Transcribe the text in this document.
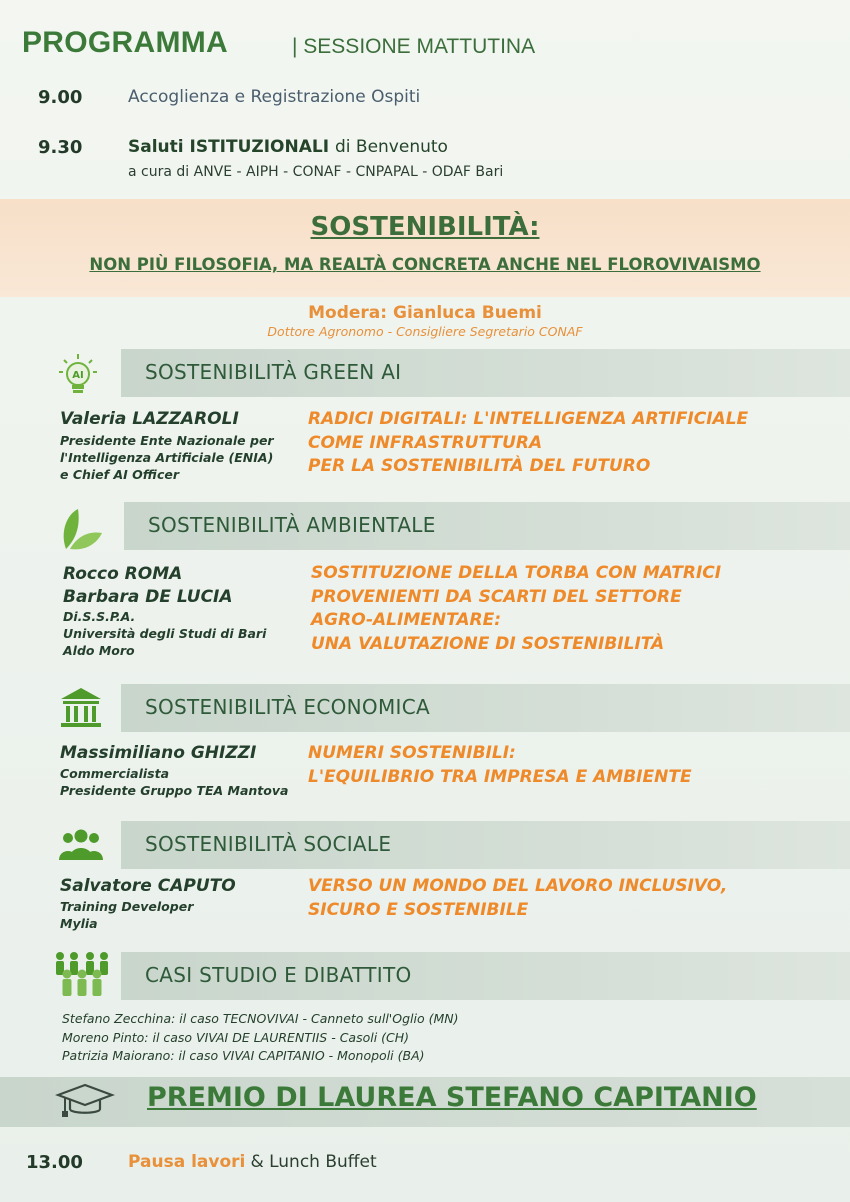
PROGRAMMA	| SESSIONE MATTUTINA
9.00	Accoglienza e Registrazione Ospiti
9.30	Saluti ISTITUZIONALI di Benvenuto
a cura di ANVE - AIPH - CONAF - CNPAPAL - ODAF Bari
SOSTENIBILITÀ:
NON PIÙ FILOSOFIA, MA REALTÀ CONCRETA ANCHE NEL FLOROVIVAISMO
Modera: Gianluca Buemi
Dottore Agronomo - Consigliere Segretario CONAF
AI	SOSTENIBILITÀ GREEN AI
Valeria LAZZAROLI
Presidente Ente Nazionale per
l'Intelligenza Artificiale (ENIA)
e Chief AI Officer
RADICI DIGITALI: L'INTELLIGENZA ARTIFICIALE
COME INFRASTRUTTURA
PER LA SOSTENIBILITÀ DEL FUTURO
SOSTENIBILITÀ AMBIENTALE
Rocco ROMA
Barbara DE LUCIA
Di.S.S.P.A.
Università degli Studi di Bari
Aldo Moro
SOSTITUZIONE DELLA TORBA CON MATRICI
PROVENIENTI DA SCARTI DEL SETTORE
AGRO-ALIMENTARE:
UNA VALUTAZIONE DI SOSTENIBILITÀ
SOSTENIBILITÀ ECONOMICA
Massimiliano GHIZZI
Commercialista
Presidente Gruppo TEA Mantova
NUMERI SOSTENIBILI:
L'EQUILIBRIO TRA IMPRESA E AMBIENTE
SOSTENIBILITÀ SOCIALE
Salvatore CAPUTO
Training Developer
Mylia
VERSO UN MONDO DEL LAVORO INCLUSIVO,
SICURO E SOSTENIBILE
CASI STUDIO E DIBATTITO
Stefano Zecchina: il caso TECNOVIVAI - Canneto sull'Oglio (MN)
Moreno Pinto: il caso VIVAI DE LAURENTIIS - Casoli (CH)
Patrizia Maiorano: il caso VIVAI CAPITANIO - Monopoli (BA)
PREMIO DI LAUREA STEFANO CAPITANIO
13.00	Pausa lavori & Lunch Buffet
